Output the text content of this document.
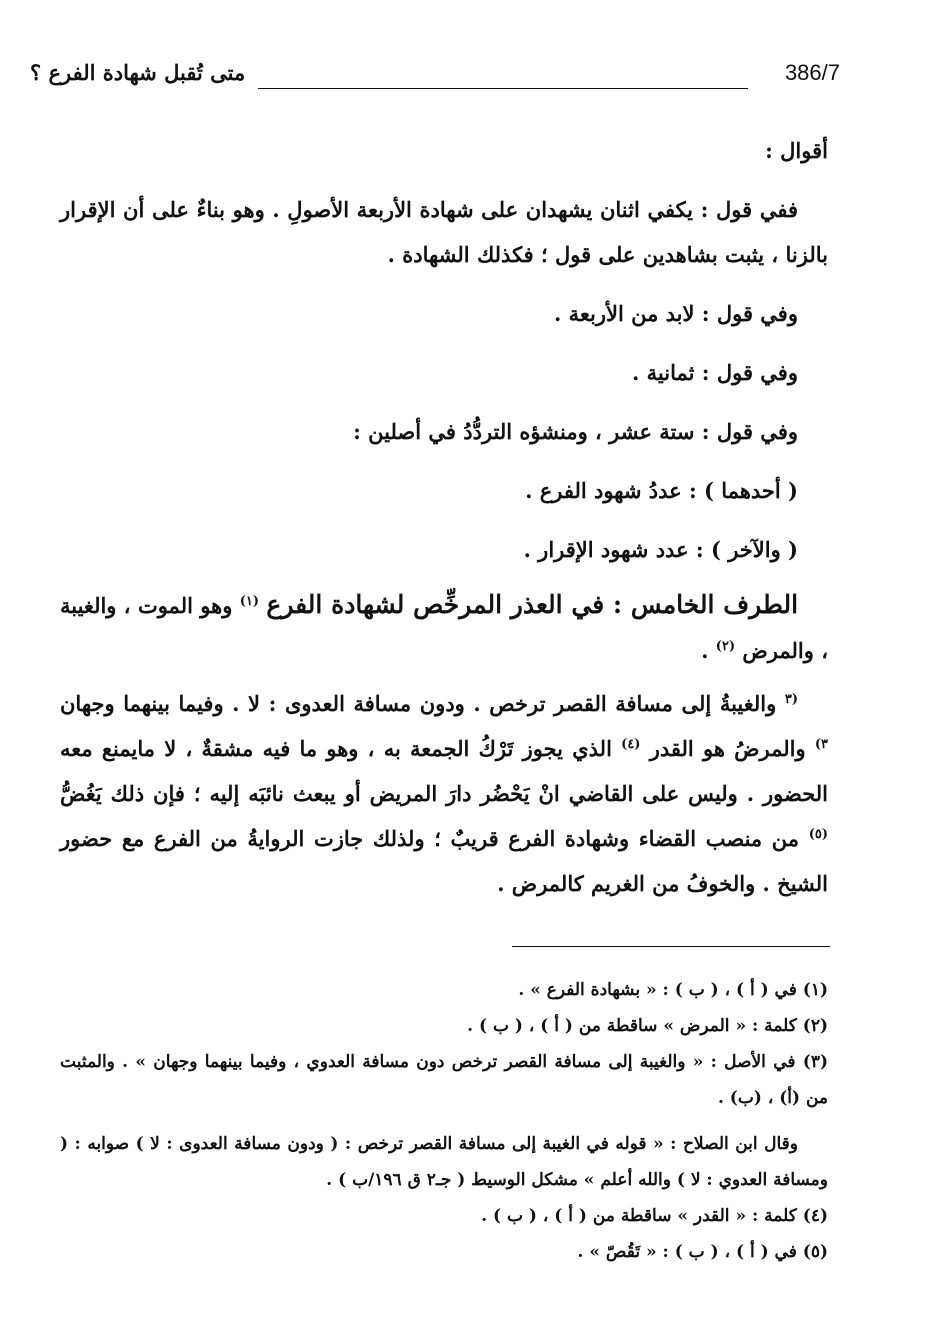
متى تُقبل شهادة الفرع ؟	386/7

أقوال :

ففي قول : يكفي اثنان يشهدان على شهادة الأربعة الأصولِ . وهو بناءٌ على أن الإقرار بالزنا ، يثبت بشاهدين على قول ؛ فكذلك الشهادة .

وفي قول : لابد من الأربعة .

وفي قول : ثمانية .

وفي قول : ستة عشر ، ومنشؤه التردُّدُ في أصلين :

( أحدهما ) : عددُ شهود الفرع .

( والآخر ) : عدد شهود الإقرار .

الطرف الخامس : في العذر المرخِّص لشهادة الفرع $^{(١)}$ وهو الموت ، والغيبة ، والمرض $^{(٢)}$ .

$^{(٣}$ والغيبةُ إلى مسافة القصر ترخص . ودون مسافة العدوى : لا . وفيما بينهما وجهان $^{٣)}$ والمرضُ هو القدر $^{(٤)}$ الذي يجوز تَرْكُ الجمعة به ، وهو ما فيه مشقةٌ ، لا مايمنع معه الحضور . وليس على القاضي انْ يَحْضُر دارَ المريض أو يبعث نائبَه إليه ؛ فإن ذلك يَغُضُّ $^{(٥)}$ من منصب القضاء وشهادة الفرع قريبٌ ؛ ولذلك جازت الروايةُ من الفرع مع حضور الشيخ . والخوفُ من الغريم كالمرض .

(١) في ( أ ) ، ( ب ) : « بشهادة الفرع » .

(٢) كلمة : « المرض » ساقطة من ( أ ) ، ( ب ) .

(٣) في الأصل : « والغيبة إلى مسافة القصر ترخص دون مسافة العدوي ، وفيما بينهما وجهان » . والمثبت من (أ) ، (ب) .

وقال ابن الصلاح : « قوله في الغيبة إلى مسافة القصر ترخص : ( ودون مسافة العدوى : لا ) صوابه : ( ومسافة العدوي : لا ) والله أعلم » مشكل الوسيط ( جـ٢ ق ١٩٦/ب ) .

(٤) كلمة : « القدر » ساقطة من ( أ ) ، ( ب ) .

(٥) في ( أ ) ، ( ب ) : « تَقُصّ » .
